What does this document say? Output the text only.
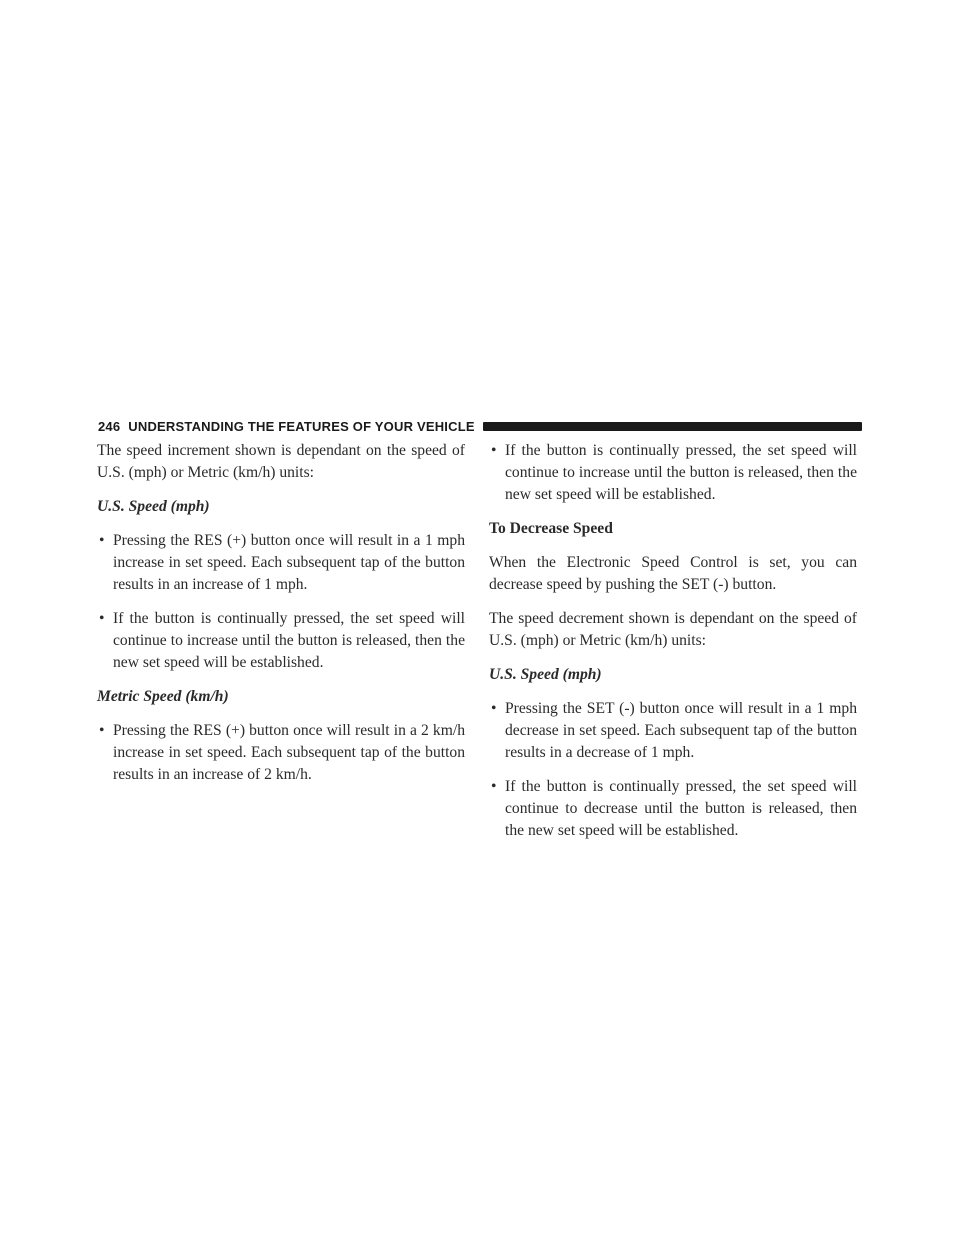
246 UNDERSTANDING THE FEATURES OF YOUR VEHICLE

The speed increment shown is dependant on the speed of U.S. (mph) or Metric (km/h) units:

U.S. Speed (mph)
• Pressing the RES (+) button once will result in a 1 mph increase in set speed. Each subsequent tap of the button results in an increase of 1 mph.
• If the button is continually pressed, the set speed will continue to increase until the button is released, then the new set speed will be established.
Metric Speed (km/h)
• Pressing the RES (+) button once will result in a 2 km/h increase in set speed. Each subsequent tap of the button results in an increase of 2 km/h.
• If the button is continually pressed, the set speed will continue to increase until the button is released, then the new set speed will be established.
To Decrease Speed

When the Electronic Speed Control is set, you can decrease speed by pushing the SET (-) button.

The speed decrement shown is dependant on the speed of U.S. (mph) or Metric (km/h) units:

U.S. Speed (mph)
• Pressing the SET (-) button once will result in a 1 mph decrease in set speed. Each subsequent tap of the button results in a decrease of 1 mph.
• If the button is continually pressed, the set speed will continue to decrease until the button is released, then the new set speed will be established.
